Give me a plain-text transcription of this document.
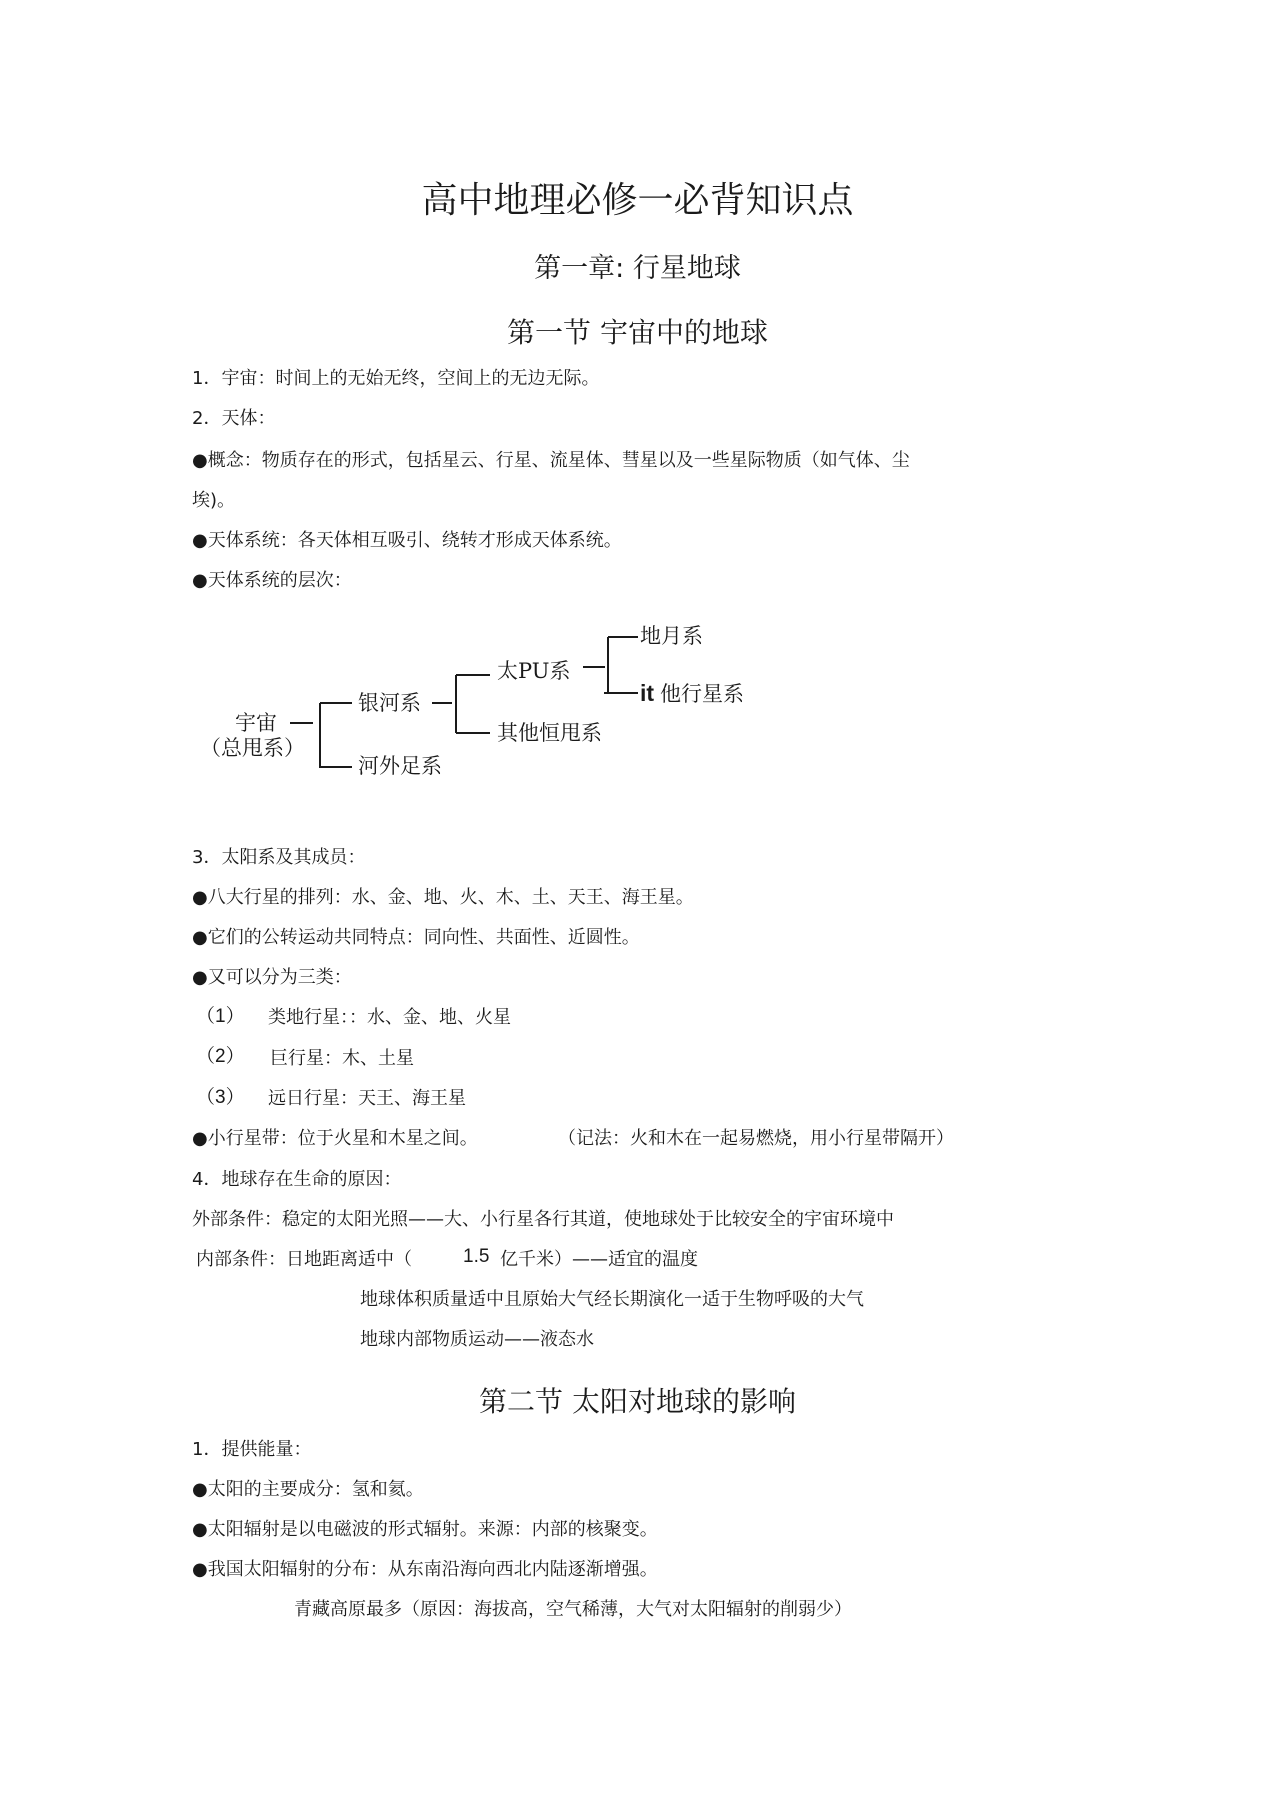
高中地理必修一必背知识点
第一章: 行星地球
第一节 宇宙中的地球
1．宇宙：时间上的无始无终，空间上的无边无际。
2．天体：
●概念：物质存在的形式，包括星云、行星、流星体、彗星以及一些星际物质（如气体、尘
埃)。
●天体系统：各天体相互吸引、绕转才形成天体系统。
●天体系统的层次：
宇宙
（总甩系）
银河系
河外足系
太PU系
其他恒甩系
地月系
it 他行星系
3．太阳系及其成员：
●八大行星的排列：水、金、地、火、木、土、天王、海王星。
●它们的公转运动共同特点：同向性、共面性、近圆性。
●又可以分为三类：
（1） 类地行星：：水、金、地、火星
（2） 巨行星：木、土星
（3） 远日行星：天王、海王星
●小行星带：位于火星和木星之间。	（记法：火和木在一起易燃烧，用小行星带隔开）
4．地球存在生命的原因：
外部条件：稳定的太阳光照——大、小行星各行其道，使地球处于比较安全的宇宙环境中
内部条件：日地距离适中（	1.5 亿千米）——适宜的温度
地球体积质量适中且原始大气经长期演化一适于生物呼吸的大气
地球内部物质运动——液态水
第二节 太阳对地球的影响
1．提供能量：
●太阳的主要成分：氢和氦。
●太阳辐射是以电磁波的形式辐射。来源：内部的核聚变。
●我国太阳辐射的分布：从东南沿海向西北内陆逐渐增强。
青藏高原最多（原因：海拔高，空气稀薄，大气对太阳辐射的削弱少）
